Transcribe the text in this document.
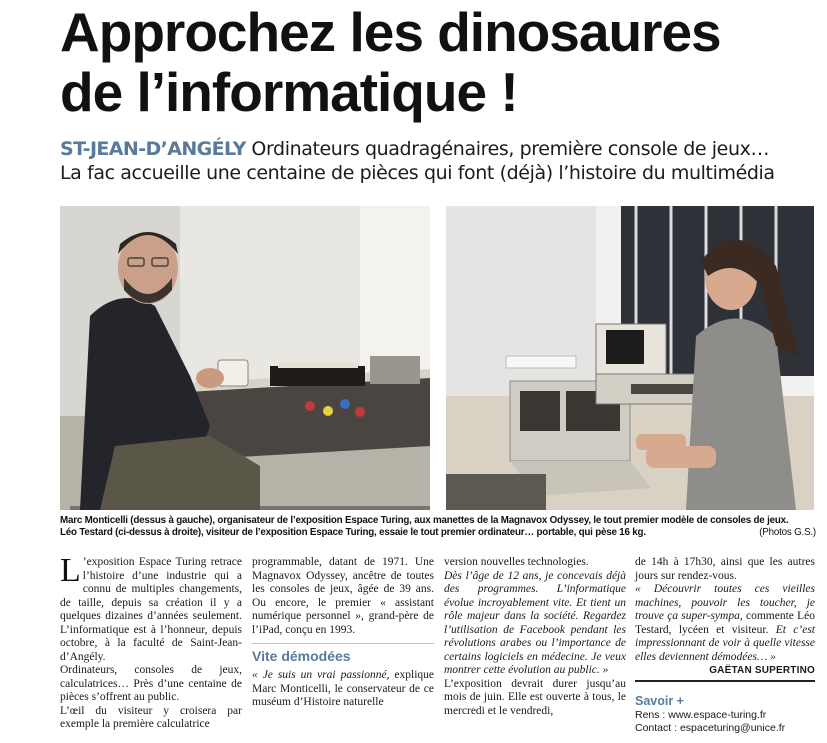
Approchez les dinosaures
de l’informatique !
ST-JEAN-D’ANGÉLY Ordinateurs quadragénaires, première console de jeux…
La fac accueille une centaine de pièces qui font (déjà) l’histoire du multimédia
Marc Monticelli (dessus à gauche), organisateur de l’exposition Espace Turing, aux manettes de la Magnavox Odyssey, le tout premier modèle de consoles de jeux.
Léo Testard (ci-dessus à droite), visiteur de l’exposition Espace Turing, essaie le tout premier ordinateur… portable, qui pèse 16 kg.	(Photos G.S.)

L ’exposition Espace Turing retrace l’histoire d’une industrie qui a connu de multiples changements, de taille, depuis sa création il y a quelques dizaines d’années seulement. L’informatique est à l’honneur, depuis octobre, à la faculté de Saint-Jean-d’Angély.

Ordinateurs, consoles de jeux, calculatrices… Près d’une centaine de pièces s’offrent au public.

L’œil du visiteur y croisera par exemple la première calculatrice

programmable, datant de 1971. Une Magnavox Odyssey, ancêtre de toutes les consoles de jeux, âgée de 39 ans. Ou encore, le premier « assistant numérique personnel », grand-père de l’iPad, conçu en 1993.

Vite démodées

« Je suis un vrai passionné, explique Marc Monticelli, le conservateur de ce muséum d’Histoire naturelle

version nouvelles technologies.

Dès l’âge de 12 ans, je concevais déjà des programmes. L’informatique évolue incroyablement vite. Et tient un rôle majeur dans la société. Regardez l’utilisation de Facebook pendant les révolutions arabes ou l’importance de certains logiciels en médecine. Je veux montrer cette évolution au public. »

L’exposition devrait durer jusqu’au mois de juin. Elle est ouverte à tous, le mercredi et le vendredi,

de 14h à 17h30, ainsi que les autres jours sur rendez-vous.

« Découvrir toutes ces vieilles machines, pouvoir les toucher, je trouve ça super-sympa, commente Léo Testard, lycéen et visiteur. Et c’est impressionnant de voir à quelle vitesse elles deviennent démodées… »

GAËTAN SUPERTINO
Savoir +
Rens : www.espace-turing.fr
Contact : espaceturing@unice.fr
